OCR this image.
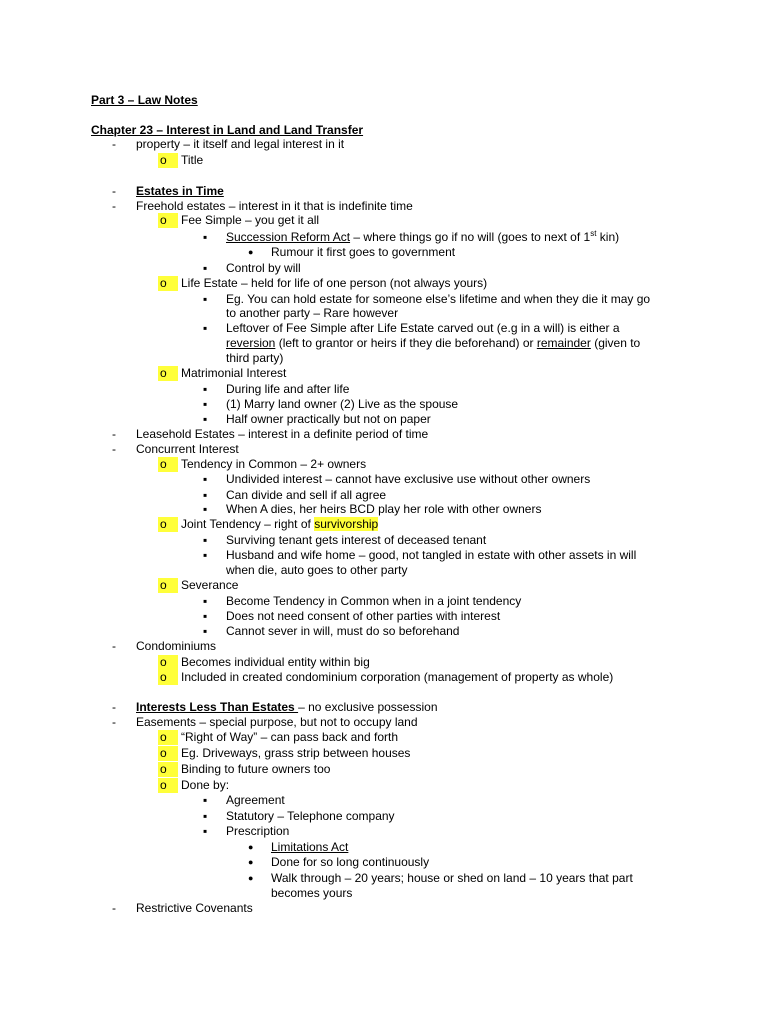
Part 3 – Law Notes
Chapter 23 – Interest in Land and Land Transfer
- property – it itself and legal interest in it
o	Title
- Estates in Time
- Freehold estates – interest in it that is indefinite time
o	Fee Simple – you get it all
▪ Succession Reform Act – where things go if no will (goes to next of 1st kin)
● Rumour it first goes to government
▪ Control by will
o	Life Estate – held for life of one person (not always yours)
▪ Eg. You can hold estate for someone else’s lifetime and when they die it may go
to another party – Rare however
▪ Leftover of Fee Simple after Life Estate carved out (e.g in a will) is either a
reversion (left to grantor or heirs if they die beforehand) or remainder (given to
third party)
o	Matrimonial Interest
▪ During life and after life
▪ (1) Marry land owner (2) Live as the spouse
▪ Half owner practically but not on paper
- Leasehold Estates – interest in a definite period of time
- Concurrent Interest
o	Tendency in Common – 2+ owners
▪ Undivided interest – cannot have exclusive use without other owners
▪ Can divide and sell if all agree
▪ When A dies, her heirs BCD play her role with other owners
o	Joint Tendency – right of survivorship
▪ Surviving tenant gets interest of deceased tenant
▪ Husband and wife home – good, not tangled in estate with other assets in will
when die, auto goes to other party
o	Severance
▪ Become Tendency in Common when in a joint tendency
▪ Does not need consent of other parties with interest
▪ Cannot sever in will, must do so beforehand
- Condominiums
o	Becomes individual entity within big
o	Included in created condominium corporation (management of property as whole)
- Interests Less Than Estates – no exclusive possession
- Easements – special purpose, but not to occupy land
o	“Right of Way” – can pass back and forth
o	Eg. Driveways, grass strip between houses
o	Binding to future owners too
o	Done by:
▪ Agreement
▪ Statutory – Telephone company
▪ Prescription
● Limitations Act
● Done for so long continuously
● Walk through – 20 years; house or shed on land – 10 years that part
becomes yours
- Restrictive Covenants
